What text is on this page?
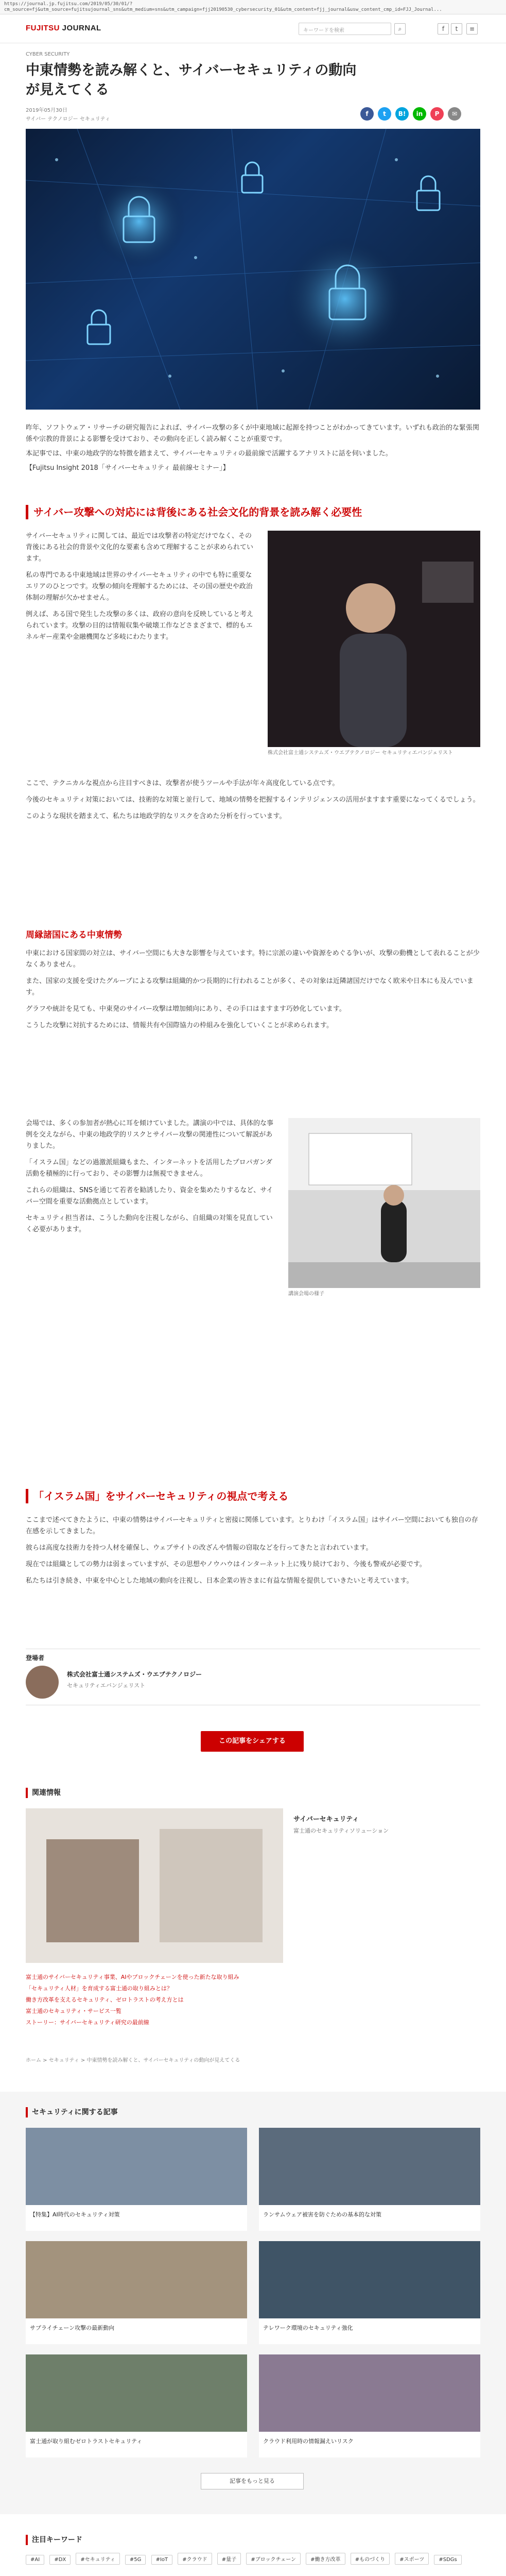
https://journal.jp.fujitsu.com/2019/05/30/01/?cm_source=fj&utm_source=fujitsujournal_sns&utm_medium=sns&utm_campaign=fjj20190530_cybersecurity_01&utm_content=fjj_journal&usw_content_cmp_id=FJJ_Journal...
FUJITSU JOURNAL	キーワードを検索	⌕	f	t	≡
CYBER SECURITY
中東情勢を読み解くと、サイバーセキュリティの動向
が見えてくる
2019年05月30日
サイバー テクノロジー セキュリティ
f	t	B!	in	P	✉

昨年、ソフトウェア・リサーチの研究報告によれば、サイバー攻撃の多くが中東地域に起源を持つことがわかってきています。いずれも政治的な緊張関係や宗教的背景による影響を受けており、その動向を正しく読み解くことが重要です。

本記事では、中東の地政学的な特徴を踏まえて、サイバーセキュリティの最前線で活躍するアナリストに話を伺いました。

【Fujitsu Insight 2018「サイバーセキュリティ 最前線セミナー」】

サイバー攻撃への対応には背後にある社会文化的背景を読み解く必要性
株式会社富士通システムズ・ウエブテクノロジー セキュリティエバンジェリスト

サイバーセキュリティに関しては、最近では攻撃者の特定だけでなく、その背後にある社会的背景や文化的な要素も含めて理解することが求められています。

私の専門である中東地域は世界のサイバーセキュリティの中でも特に重要なエリアのひとつです。攻撃の傾向を理解するためには、その国の歴史や政治体制の理解が欠かせません。

例えば、ある国で発生した攻撃の多くは、政府の意向を反映していると考えられています。攻撃の目的は情報収集や破壊工作などさまざまで、標的もエネルギー産業や金融機関など多岐にわたります。

ここで、テクニカルな視点から注目すべきは、攻撃者が使うツールや手法が年々高度化している点です。

今後のセキュリティ対策においては、技術的な対策と並行して、地域の情勢を把握するインテリジェンスの活用がますます重要になってくるでしょう。

このような現状を踏まえて、私たちは地政学的なリスクを含めた分析を行っています。

周縁諸国にある中東情勢

中東における国家間の対立は、サイバー空間にも大きな影響を与えています。特に宗派の違いや資源をめぐる争いが、攻撃の動機として表れることが少なくありません。

また、国家の支援を受けたグループによる攻撃は組織的かつ長期的に行われることが多く、その対象は近隣諸国だけでなく欧米や日本にも及んでいます。

グラフや統計を見ても、中東発のサイバー攻撃は増加傾向にあり、その手口はますます巧妙化しています。

こうした攻撃に対抗するためには、情報共有や国際協力の枠組みを強化していくことが求められます。

講演会場の様子

会場では、多くの参加者が熱心に耳を傾けていました。講演の中では、具体的な事例を交えながら、中東の地政学的リスクとサイバー攻撃の関連性について解説がありました。

「イスラム国」などの過激派組織もまた、インターネットを活用したプロパガンダ活動を積極的に行っており、その影響力は無視できません。

これらの組織は、SNSを通じて若者を勧誘したり、資金を集めたりするなど、サイバー空間を重要な活動拠点としています。

セキュリティ担当者は、こうした動向を注視しながら、自組織の対策を見直していく必要があります。

「イスラム国」をサイバーセキュリティの視点で考える

ここまで述べてきたように、中東の情勢はサイバーセキュリティと密接に関係しています。とりわけ「イスラム国」はサイバー空間においても独自の存在感を示してきました。

彼らは高度な技術力を持つ人材を確保し、ウェブサイトの改ざんや情報の窃取などを行ってきたと言われています。

現在では組織としての勢力は弱まっていますが、その思想やノウハウはインターネット上に残り続けており、今後も警戒が必要です。

私たちは引き続き、中東を中心とした地域の動向を注視し、日本企業の皆さまに有益な情報を提供していきたいと考えています。

登場者
株式会社富士通システムズ・ウエブテクノロジー
セキュリティエバンジェリスト
この記事をシェアする
関連情報
サイバーセキュリティ
富士通のセキュリティソリューション
富士通のサイバーセキュリティ事業、AIやブロックチェーンを使った新たな取り組み
「セキュリティ人材」を育成する富士通の取り組みとは？
働き方改革を支えるセキュリティ、ゼロトラストの考え方とは
富士通のセキュリティ・サービス一覧
ストーリー：サイバーセキュリティ研究の最前線
ホーム > セキュリティ > 中東情勢を読み解くと、サイバーセキュリティの動向が見えてくる
セキュリティに関する記事
【特集】AI時代のセキュリティ対策	ランサムウェア被害を防ぐための基本的な対策
サプライチェーン攻撃の最新動向	テレワーク環境のセキュリティ強化
富士通が取り組むゼロトラストセキュリティ	クラウド利用時の情報漏えいリスク
記事をもっと見る
注目キーワード
#AI	#DX	#セキュリティ	#5G	#IoT	#クラウド	#量子	#ブロックチェーン	#働き方改革	#ものづくり	#スポーツ	#SDGs
